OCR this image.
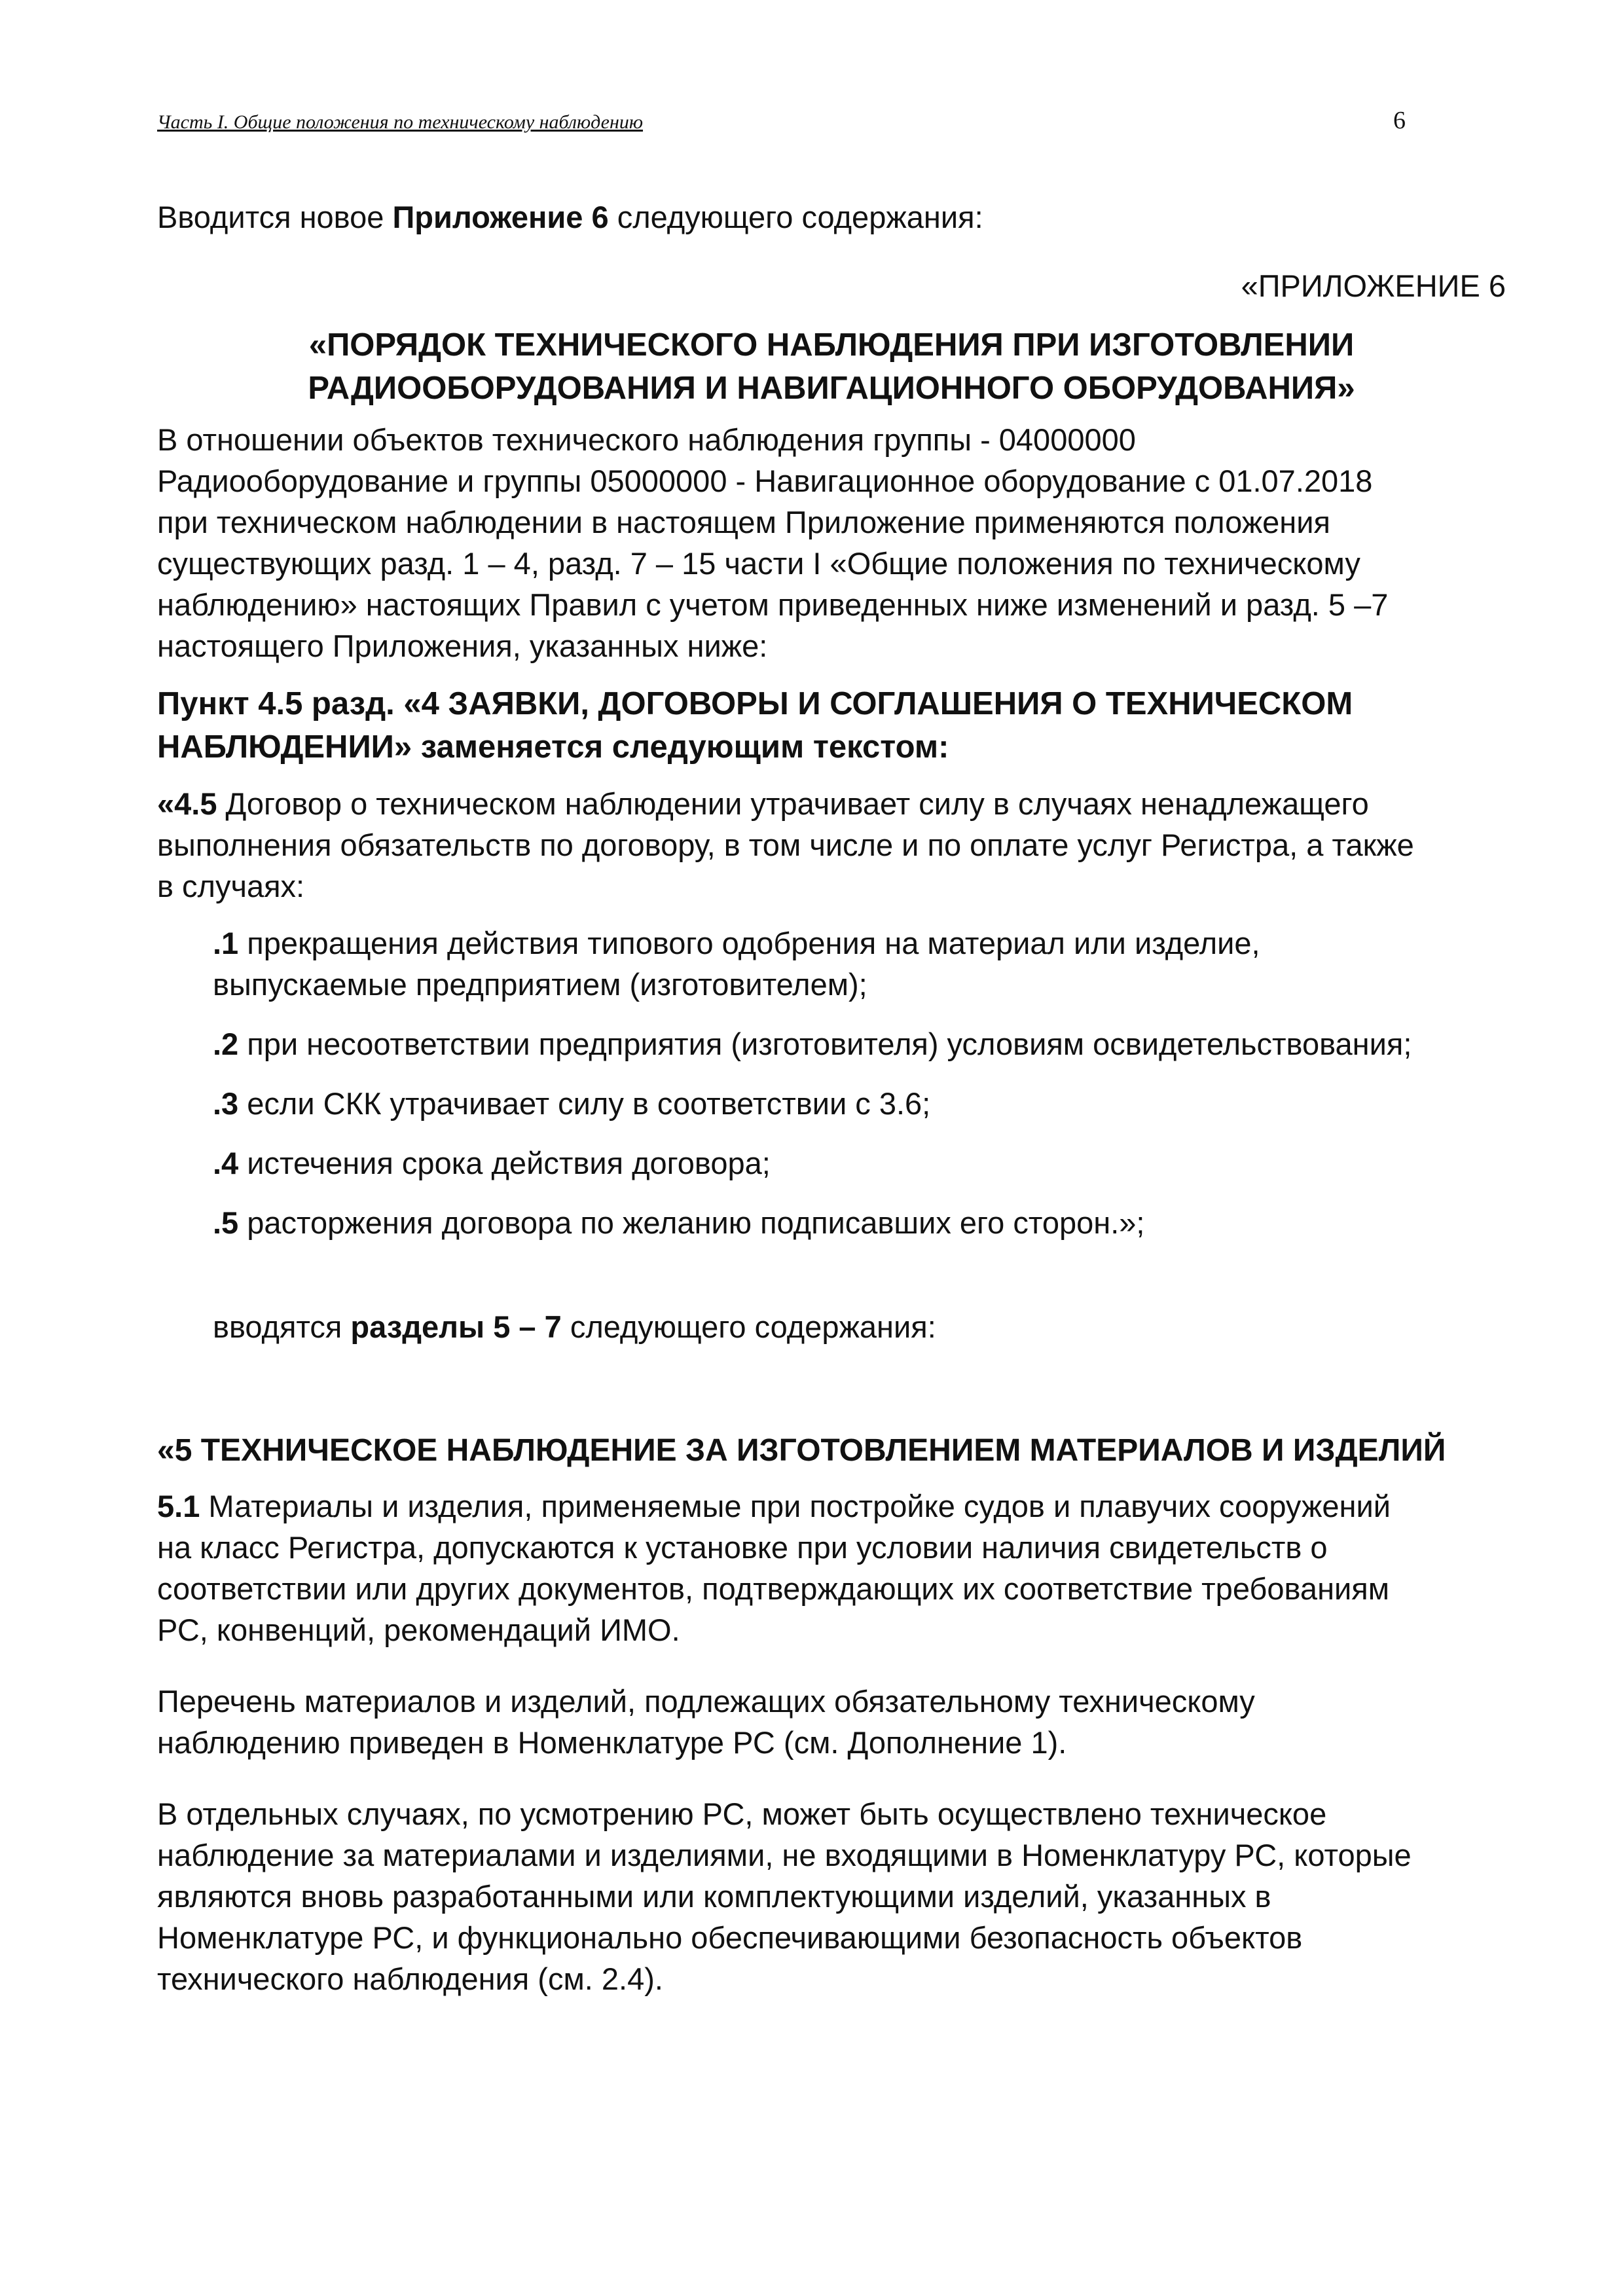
Часть I. Общие положения по техническому наблюдению	6

Вводится новое Приложение 6 следующего содержания:

«ПРИЛОЖЕНИЕ 6

«ПОРЯДОК ТЕХНИЧЕСКОГО НАБЛЮДЕНИЯ ПРИ ИЗГОТОВЛЕНИИ
РАДИООБОРУДОВАНИЯ И НАВИГАЦИОННОГО ОБОРУДОВАНИЯ»
В отношении объектов технического наблюдения группы - 04000000
Радиооборудование и группы 05000000 - Навигационное оборудование с 01.07.2018
при техническом наблюдении в настоящем Приложение применяются положения
существующих разд. 1 – 4, разд. 7 – 15 части I «Общие положения по техническому
наблюдению» настоящих Правил с учетом приведенных ниже изменений и разд. 5 –7
настоящего Приложения, указанных ниже:
Пункт 4.5 разд. «4 ЗАЯВКИ, ДОГОВОРЫ И СОГЛАШЕНИЯ О ТЕХНИЧЕСКОМ
НАБЛЮДЕНИИ» заменяется следующим текстом:
«4.5 Договор о техническом наблюдении утрачивает силу в случаях ненадлежащего
выполнения обязательств по договору, в том числе и по оплате услуг Регистра, а также
в случаях:
.1 прекращения действия типового одобрения на материал или изделие,
выпускаемые предприятием (изготовителем);
.2 при несоответствии предприятия (изготовителя) условиям освидетельствования;
.3 если СКК утрачивает силу в соответствии с 3.6;
.4 истечения срока действия договора;
.5 расторжения договора по желанию подписавших его сторон.»;

вводятся разделы 5 – 7 следующего содержания:

«5 ТЕХНИЧЕСКОЕ НАБЛЮДЕНИЕ ЗА ИЗГОТОВЛЕНИЕМ МАТЕРИАЛОВ И ИЗДЕЛИЙ
5.1 Материалы и изделия, применяемые при постройке судов и плавучих сооружений
на класс Регистра, допускаются к установке при условии наличия свидетельств о
соответствии или других документов, подтверждающих их соответствие требованиям
РС, конвенций, рекомендаций ИМО.
Перечень материалов и изделий, подлежащих обязательному техническому
наблюдению приведен в Номенклатуре РС (см. Дополнение 1).
В отдельных случаях, по усмотрению РС, может быть осуществлено техническое
наблюдение за материалами и изделиями, не входящими в Номенклатуру РС, которые
являются вновь разработанными или комплектующими изделий, указанных в
Номенклатуре РС, и функционально обеспечивающими безопасность объектов
технического наблюдения (см. 2.4).
